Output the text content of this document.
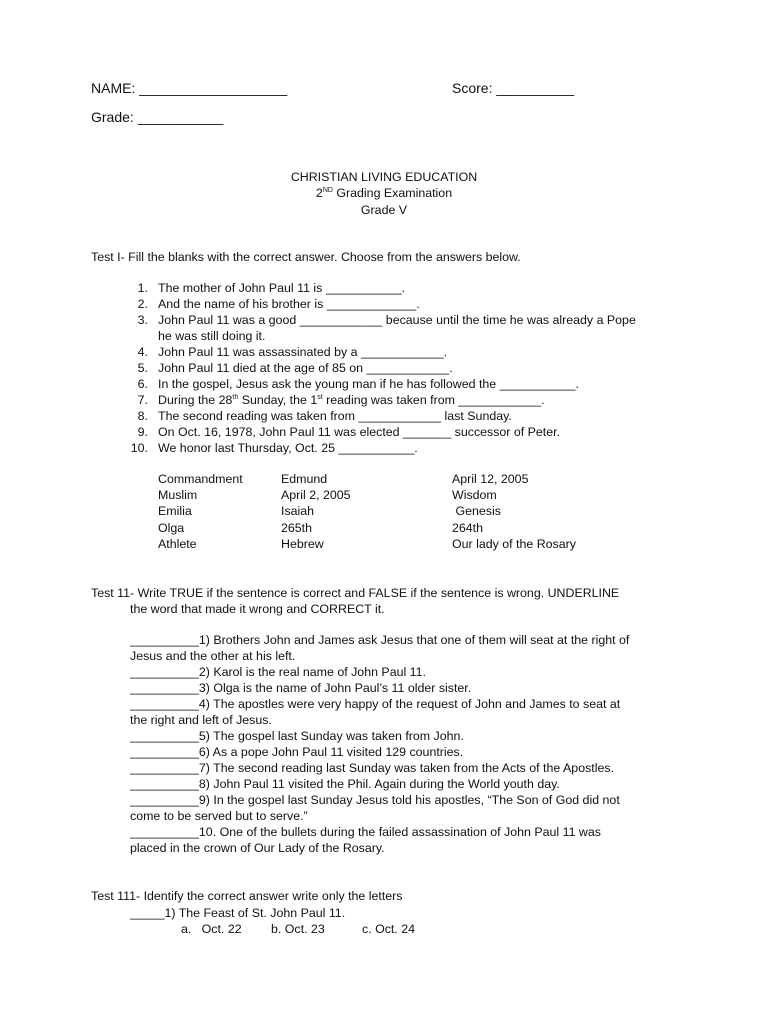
NAME: ___________________	Score: __________
Grade: ___________
CHRISTIAN LIVING EDUCATION
2ND Grading Examination
Grade V
Test I- Fill the blanks with the correct answer. Choose from the answers below.
1. The mother of John Paul 11 is ___________.
2. And the name of his brother is _____________.
3. John Paul 11 was a good ____________ because until the time he was already a Pope
he was still doing it.
4. John Paul 11 was assassinated by a ____________.
5. John Paul 11 died at the age of 85 on ____________.
6. In the gospel, Jesus ask the young man if he has followed the ___________.
7. During the 28th Sunday, the 1st reading was taken from ____________.
8. The second reading was taken from ____________ last Sunday.
9. On Oct. 16, 1978, John Paul 11 was elected _______ successor of Peter.
10. We honor last Thursday, Oct. 25 ___________.
Commandment	Edmund	April 12, 2005
Muslim	April 2, 2005	Wisdom
Emilia	Isaiah	Genesis
Olga	265th	264th
Athlete	Hebrew	Our lady of the Rosary
Test 11- Write TRUE if the sentence is correct and FALSE if the sentence is wrong. UNDERLINE
the word that made it wrong and CORRECT it.
__________1) Brothers John and James ask Jesus that one of them will seat at the right of
Jesus and the other at his left.
__________2) Karol is the real name of John Paul 11.
__________3) Olga is the name of John Paul’s 11 older sister.
__________4) The apostles were very happy of the request of John and James to seat at
the right and left of Jesus.
__________5) The gospel last Sunday was taken from John.
__________6) As a pope John Paul 11 visited 129 countries.
__________7) The second reading last Sunday was taken from the Acts of the Apostles.
__________8) John Paul 11 visited the Phil. Again during the World youth day.
__________9) In the gospel last Sunday Jesus told his apostles, “The Son of God did not
come to be served but to serve.”
__________10. One of the bullets during the failed assassination of John Paul 11 was
placed in the crown of Our Lady of the Rosary.
Test 111- Identify the correct answer write only the letters
_____1) The Feast of St. John Paul 11.
a.   Oct. 22 b. Oct. 23	c. Oct. 24
